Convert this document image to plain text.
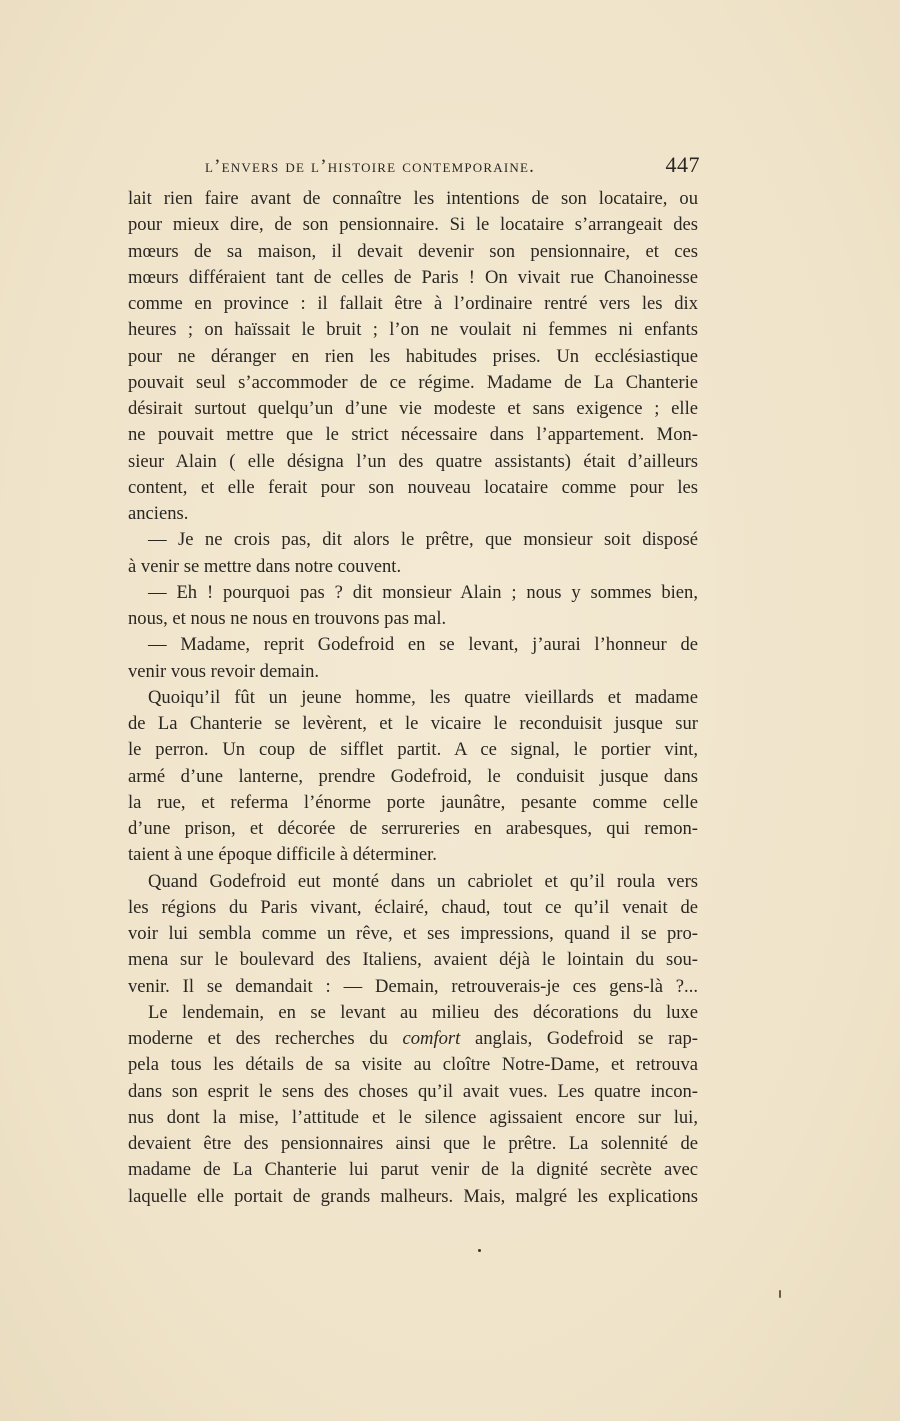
l’envers de l’histoire contemporaine.	447
lait rien faire avant de connaître les intentions de son locataire, ou
pour mieux dire, de son pensionnaire. Si le locataire s’arrangeait des
mœurs de sa maison, il devait devenir son pensionnaire, et ces
mœurs différaient tant de celles de Paris ! On vivait rue Chanoinesse
comme en province : il fallait être à l’ordinaire rentré vers les dix
heures ; on haïssait le bruit ; l’on ne voulait ni femmes ni enfants
pour ne déranger en rien les habitudes prises. Un ecclésiastique
pouvait seul s’accommoder de ce régime. Madame de La Chanterie
désirait surtout quelqu’un d’une vie modeste et sans exigence ; elle
ne pouvait mettre que le strict nécessaire dans l’appartement. Mon-
sieur Alain ( elle désigna l’un des quatre assistants) était d’ailleurs
content, et elle ferait pour son nouveau locataire comme pour les
anciens.
— Je ne crois pas, dit alors le prêtre, que monsieur soit disposé
à venir se mettre dans notre couvent.
— Eh ! pourquoi pas ? dit monsieur Alain ; nous y sommes bien,
nous, et nous ne nous en trouvons pas mal.
— Madame, reprit Godefroid en se levant, j’aurai l’honneur de
venir vous revoir demain.
Quoiqu’il fût un jeune homme, les quatre vieillards et madame
de La Chanterie se levèrent, et le vicaire le reconduisit jusque sur
le perron. Un coup de sifflet partit. A ce signal, le portier vint,
armé d’une lanterne, prendre Godefroid, le conduisit jusque dans
la rue, et referma l’énorme porte jaunâtre, pesante comme celle
d’une prison, et décorée de serrureries en arabesques, qui remon-
taient à une époque difficile à déterminer.
Quand Godefroid eut monté dans un cabriolet et qu’il roula vers
les régions du Paris vivant, éclairé, chaud, tout ce qu’il venait de
voir lui sembla comme un rêve, et ses impressions, quand il se pro-
mena sur le boulevard des Italiens, avaient déjà le lointain du sou-
venir. Il se demandait : — Demain, retrouverais-je ces gens-là ?...
Le lendemain, en se levant au milieu des décorations du luxe
moderne et des recherches du comfort anglais, Godefroid se rap-
pela tous les détails de sa visite au cloître Notre-Dame, et retrouva
dans son esprit le sens des choses qu’il avait vues. Les quatre incon-
nus dont la mise, l’attitude et le silence agissaient encore sur lui,
devaient être des pensionnaires ainsi que le prêtre. La solennité de
madame de La Chanterie lui parut venir de la dignité secrète avec
laquelle elle portait de grands malheurs. Mais, malgré les explications
